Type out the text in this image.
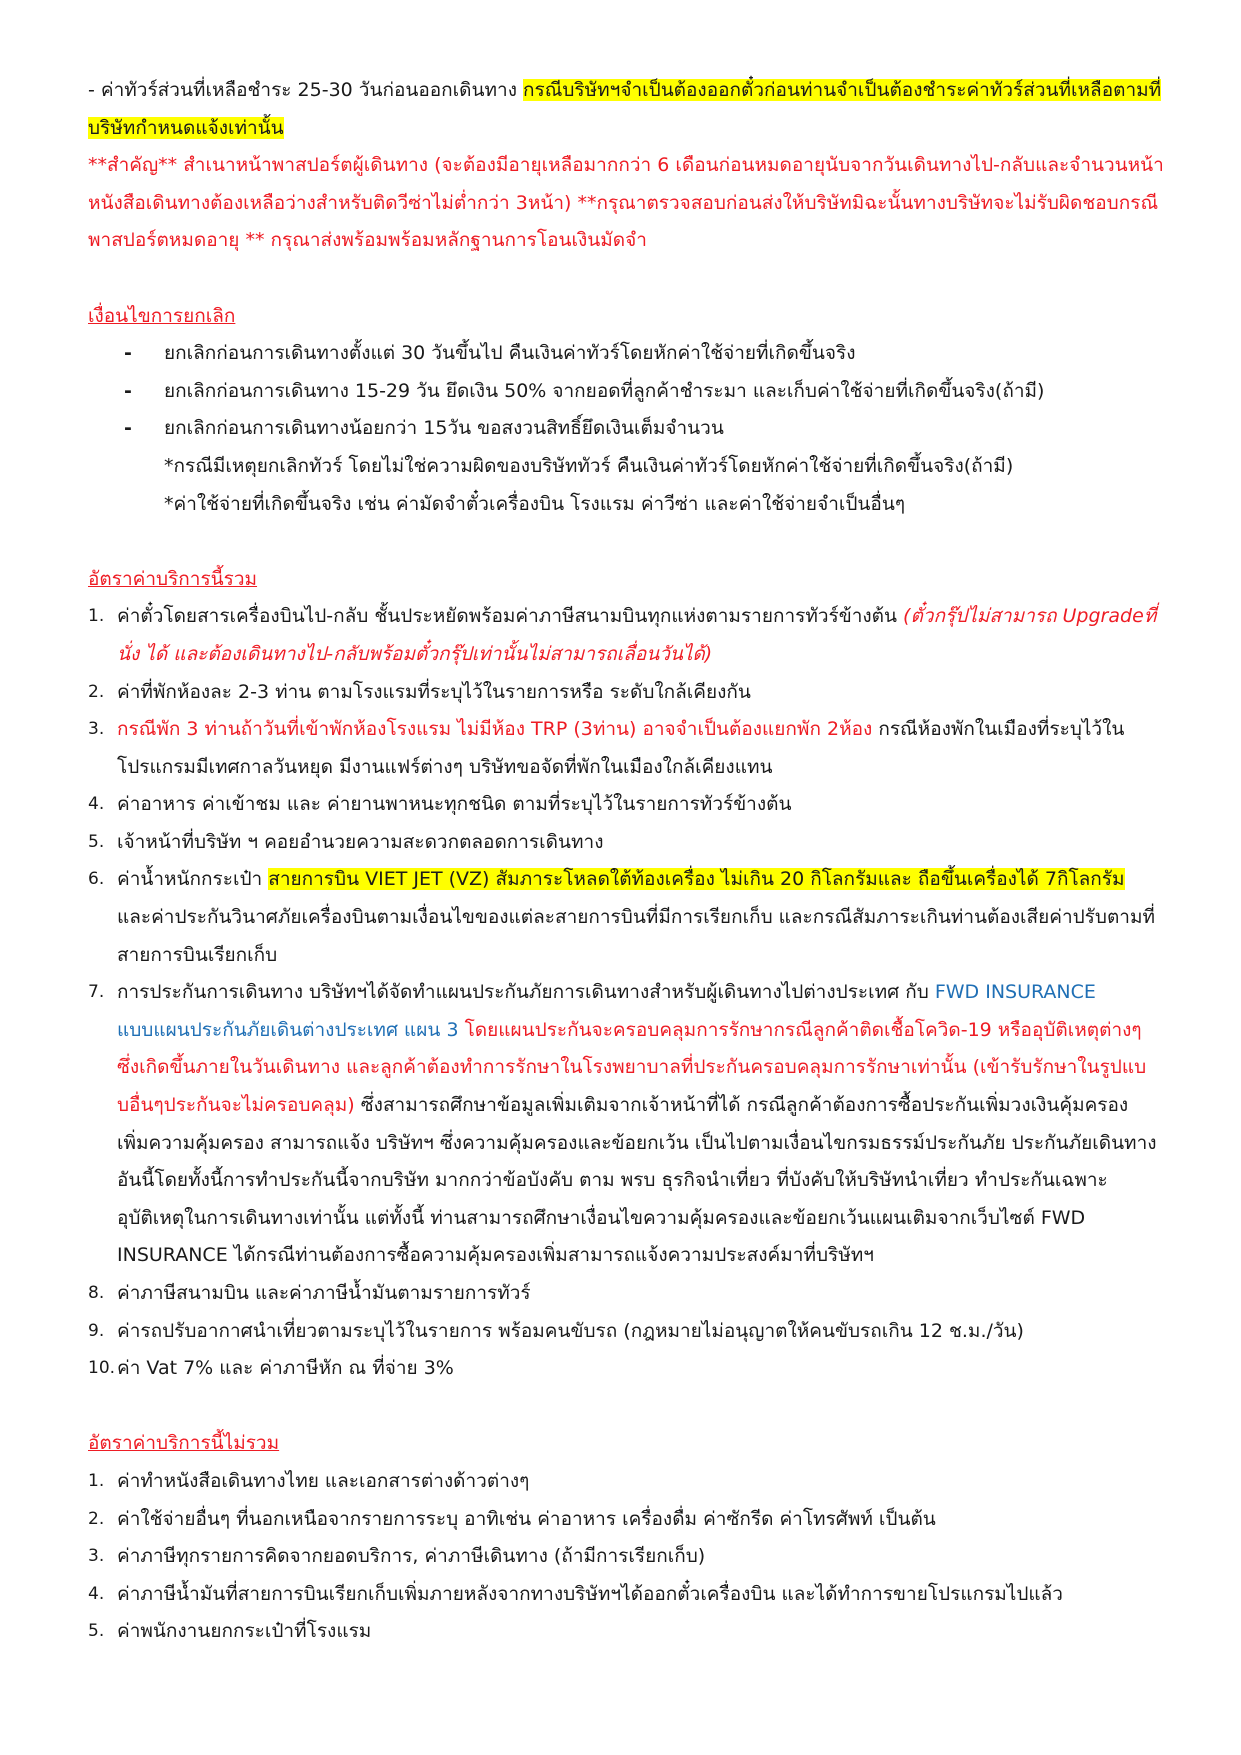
- ค่าทัวร์ส่วนที่เหลือชำระ 25-30 วันก่อนออกเดินทาง กรณีบริษัทฯจำเป็นต้องออกตั๋วก่อนท่านจำเป็นต้องชำระค่าทัวร์ส่วนที่เหลือตามที่บริษัทกำหนดแจ้งเท่านั้น
**สำคัญ** สำเนาหน้าพาสปอร์ตผู้เดินทาง (จะต้องมีอายุเหลือมากกว่า 6 เดือนก่อนหมดอายุนับจากวันเดินทางไป-กลับและจำนวนหน้าหนังสือเดินทางต้องเหลือว่างสำหรับติดวีซ่าไม่ต่ำกว่า 3หน้า) **กรุณาตรวจสอบก่อนส่งให้บริษัทมิฉะนั้นทางบริษัทจะไม่รับผิดชอบกรณีพาสปอร์ตหมดอายุ ** กรุณาส่งพร้อมพร้อมหลักฐานการโอนเงินมัดจำ
เงื่อนไขการยกเลิก
- ยกเลิกก่อนการเดินทางตั้งแต่ 30 วันขึ้นไป คืนเงินค่าทัวร์โดยหักค่าใช้จ่ายที่เกิดขึ้นจริง
- ยกเลิกก่อนการเดินทาง 15-29 วัน ยึดเงิน 50% จากยอดที่ลูกค้าชำระมา และเก็บค่าใช้จ่ายที่เกิดขึ้นจริง(ถ้ามี)
- ยกเลิกก่อนการเดินทางน้อยกว่า 15วัน ขอสงวนสิทธิ์ยึดเงินเต็มจำนวน
*กรณีมีเหตุยกเลิกทัวร์ โดยไม่ใช่ความผิดของบริษัททัวร์ คืนเงินค่าทัวร์โดยหักค่าใช้จ่ายที่เกิดขึ้นจริง(ถ้ามี)
*ค่าใช้จ่ายที่เกิดขึ้นจริง เช่น ค่ามัดจำตั๋วเครื่องบิน โรงแรม ค่าวีซ่า และค่าใช้จ่ายจำเป็นอื่นๆ
อัตราค่าบริการนี้รวม
1. ค่าตั๋วโดยสารเครื่องบินไป-กลับ ชั้นประหยัดพร้อมค่าภาษีสนามบินทุกแห่งตามรายการทัวร์ข้างต้น (ตั๋วกรุ๊ปไม่สามารถ Upgradeที่นั่ง ได้ และต้องเดินทางไป-กลับพร้อมตั๋วกรุ๊ปเท่านั้นไม่สามารถเลื่อนวันได้)
2. ค่าที่พักห้องละ 2-3 ท่าน ตามโรงแรมที่ระบุไว้ในรายการหรือ ระดับใกล้เคียงกัน
3. กรณีพัก 3 ท่านถ้าวันที่เข้าพักห้องโรงแรม ไม่มีห้อง TRP (3ท่าน) อาจจำเป็นต้องแยกพัก 2ห้อง กรณีห้องพักในเมืองที่ระบุไว้ในโปรแกรมมีเทศกาลวันหยุด มีงานแฟร์ต่างๆ บริษัทขอจัดที่พักในเมืองใกล้เคียงแทน
4. ค่าอาหาร ค่าเข้าชม และ ค่ายานพาหนะทุกชนิด ตามที่ระบุไว้ในรายการทัวร์ข้างต้น
5. เจ้าหน้าที่บริษัท ฯ คอยอำนวยความสะดวกตลอดการเดินทาง
6. ค่าน้ำหนักกระเป๋า สายการบิน VIET JET (VZ) สัมภาระโหลดใต้ท้องเครื่อง ไม่เกิน 20 กิโลกรัมและ ถือขึ้นเครื่องได้ 7กิโลกรัม และค่าประกันวินาศภัยเครื่องบินตามเงื่อนไขของแต่ละสายการบินที่มีการเรียกเก็บ และกรณีสัมภาระเกินท่านต้องเสียค่าปรับตามที่สายการบินเรียกเก็บ
7. การประกันการเดินทาง บริษัทฯได้จัดทำแผนประกันภัยการเดินทางสำหรับผู้เดินทางไปต่างประเทศ กับ FWD INSURANCE แบบแผนประกันภัยเดินต่างประเทศ แผน 3 โดยแผนประกันจะครอบคลุมการรักษากรณีลูกค้าติดเชื้อโควิด-19 หรืออุบัติเหตุต่างๆ ซึ่งเกิดขึ้นภายในวันเดินทาง และลูกค้าต้องทำการรักษาในโรงพยาบาลที่ประกันครอบคลุมการรักษาเท่านั้น (เข้ารับรักษาในรูปแบบอื่นๆประกันจะไม่ครอบคลุม) ซึ่งสามารถศึกษาข้อมูลเพิ่มเติมจากเจ้าหน้าที่ได้ กรณีลูกค้าต้องการซื้อประกันเพิ่มวงเงินคุ้มครอง เพิ่มความคุ้มครอง สามารถแจ้ง บริษัทฯ ซึ่งความคุ้มครองและข้อยกเว้น เป็นไปตามเงื่อนไขกรมธรรม์ประกันภัย ประกันภัยเดินทางอันนี้โดยทั้งนี้การทำประกันนี้จากบริษัท มากกว่าข้อบังคับ ตาม พรบ ธุรกิจนำเที่ยว ที่บังคับให้บริษัทนำเที่ยว ทำประกันเฉพาะอุบัติเหตุในการเดินทางเท่านั้น แต่ทั้งนี้ ท่านสามารถศึกษาเงื่อนไขความคุ้มครองและข้อยกเว้นแผนเติมจากเว็บไซต์ FWD INSURANCE ได้กรณีท่านต้องการซื้อความคุ้มครองเพิ่มสามารถแจ้งความประสงค์มาที่บริษัทฯ
8. ค่าภาษีสนามบิน และค่าภาษีน้ำมันตามรายการทัวร์
9. ค่ารถปรับอากาศนำเที่ยวตามระบุไว้ในรายการ พร้อมคนขับรถ (กฎหมายไม่อนุญาตให้คนขับรถเกิน 12 ช.ม./วัน)
10. ค่า Vat 7% และ ค่าภาษีหัก ณ ที่จ่าย 3%
อัตราค่าบริการนี้ไม่รวม
1. ค่าทำหนังสือเดินทางไทย และเอกสารต่างด้าวต่างๆ
2. ค่าใช้จ่ายอื่นๆ ที่นอกเหนือจากรายการระบุ อาทิเช่น ค่าอาหาร เครื่องดื่ม ค่าซักรีด ค่าโทรศัพท์ เป็นต้น
3. ค่าภาษีทุกรายการคิดจากยอดบริการ, ค่าภาษีเดินทาง (ถ้ามีการเรียกเก็บ)
4. ค่าภาษีน้ำมันที่สายการบินเรียกเก็บเพิ่มภายหลังจากทางบริษัทฯได้ออกตั๋วเครื่องบิน และได้ทำการขายโปรแกรมไปแล้ว
5. ค่าพนักงานยกกระเป๋าที่โรงแรม
